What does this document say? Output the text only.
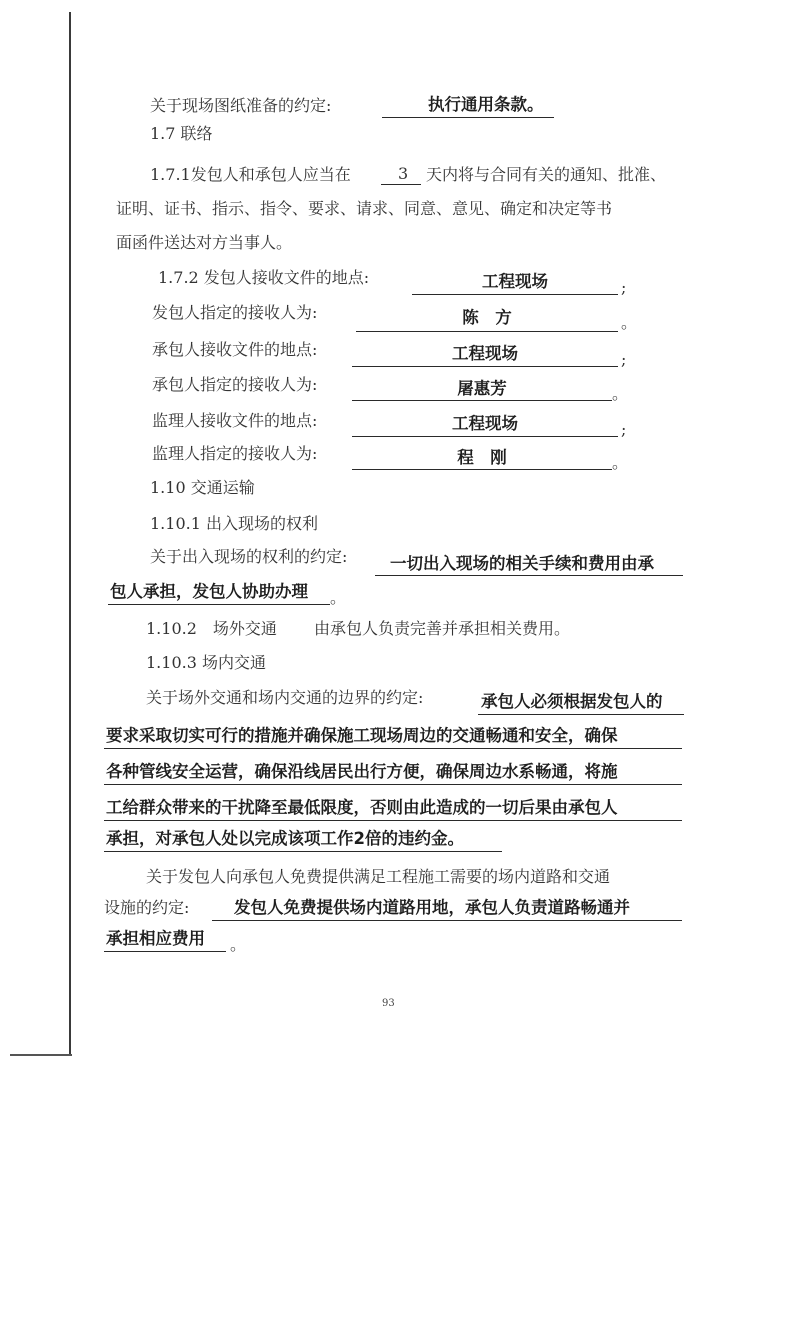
关于现场图纸准备的约定:	执行通用条款。
1.7 联络
1.7.1发包人和承包人应当在	3 天内将与合同有关的通知、批准、
证明、证书、指示、指令、要求、请求、同意、意见、确定和决定等书
面函件送达对方当事人。
1.7.2 发包人接收文件的地点:	工程现场	;
发包人指定的接收人为:	陈　方	。
承包人接收文件的地点:	工程现场	;
承包人指定的接收人为:	屠惠芳	。
监理人接收文件的地点:	工程现场	;
监理人指定的接收人为:	程　刚	。
1.10 交通运输
1.10.1 出入现场的权利
关于出入现场的权利的约定:	一切出入现场的相关手续和费用由承
包人承担，发包人协助办理 。
1.10.2　场外交通 由承包人负责完善并承担相关费用。
1.10.3 场内交通
关于场外交通和场内交通的边界的约定:	承包人必须根据发包人的
要求采取切实可行的措施并确保施工现场周边的交通畅通和安全，确保
各种管线安全运营，确保沿线居民出行方便，确保周边水系畅通，将施
工给群众带来的干扰降至最低限度，否则由此造成的一切后果由承包人
承担，对承包人处以完成该项工作2倍的违约金。
关于发包人向承包人免费提供满足工程施工需要的场内道路和交通
设施的约定:	发包人免费提供场内道路用地，承包人负责道路畅通并
承担相应费用 。
93
